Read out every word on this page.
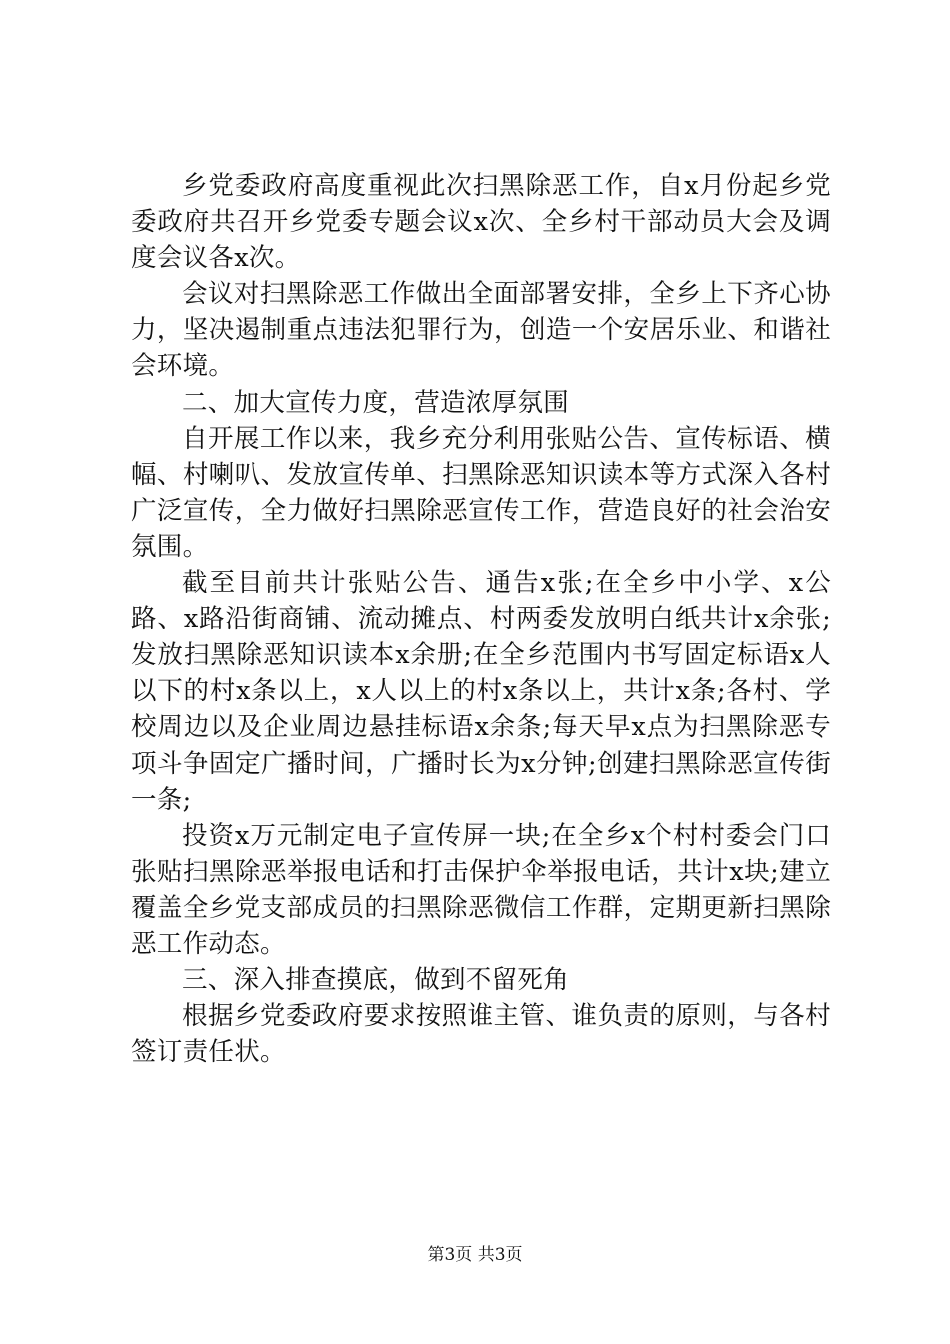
乡党委政府高度重视此次扫黑除恶工作，自x月份起乡党委政府共召开乡党委专题会议x次、全乡村干部动员大会及调度会议各x次。

会议对扫黑除恶工作做出全面部署安排，全乡上下齐心协力，坚决遏制重点违法犯罪行为，创造一个安居乐业、和谐社会环境。

二、加大宣传力度，营造浓厚氛围

自开展工作以来，我乡充分利用张贴公告、宣传标语、横幅、村喇叭、发放宣传单、扫黑除恶知识读本等方式深入各村广泛宣传，全力做好扫黑除恶宣传工作，营造良好的社会治安氛围。

截至目前共计张贴公告、通告x张;在全乡中小学、x公路、x路沿街商铺、流动摊点、村两委发放明白纸共计x余张;发放扫黑除恶知识读本x余册;在全乡范围内书写固定标语x人以下的村x条以上，x人以上的村x条以上，共计x条;各村、学校周边以及企业周边悬挂标语x余条;每天早x点为扫黑除恶专项斗争固定广播时间，广播时长为x分钟;创建扫黑除恶宣传街一条;

投资x万元制定电子宣传屏一块;在全乡x个村村委会门口张贴扫黑除恶举报电话和打击保护伞举报电话，共计x块;建立覆盖全乡党支部成员的扫黑除恶微信工作群，定期更新扫黑除恶工作动态。

三、深入排查摸底，做到不留死角

根据乡党委政府要求按照谁主管、谁负责的原则，与各村签订责任状。

第3页 共3页
